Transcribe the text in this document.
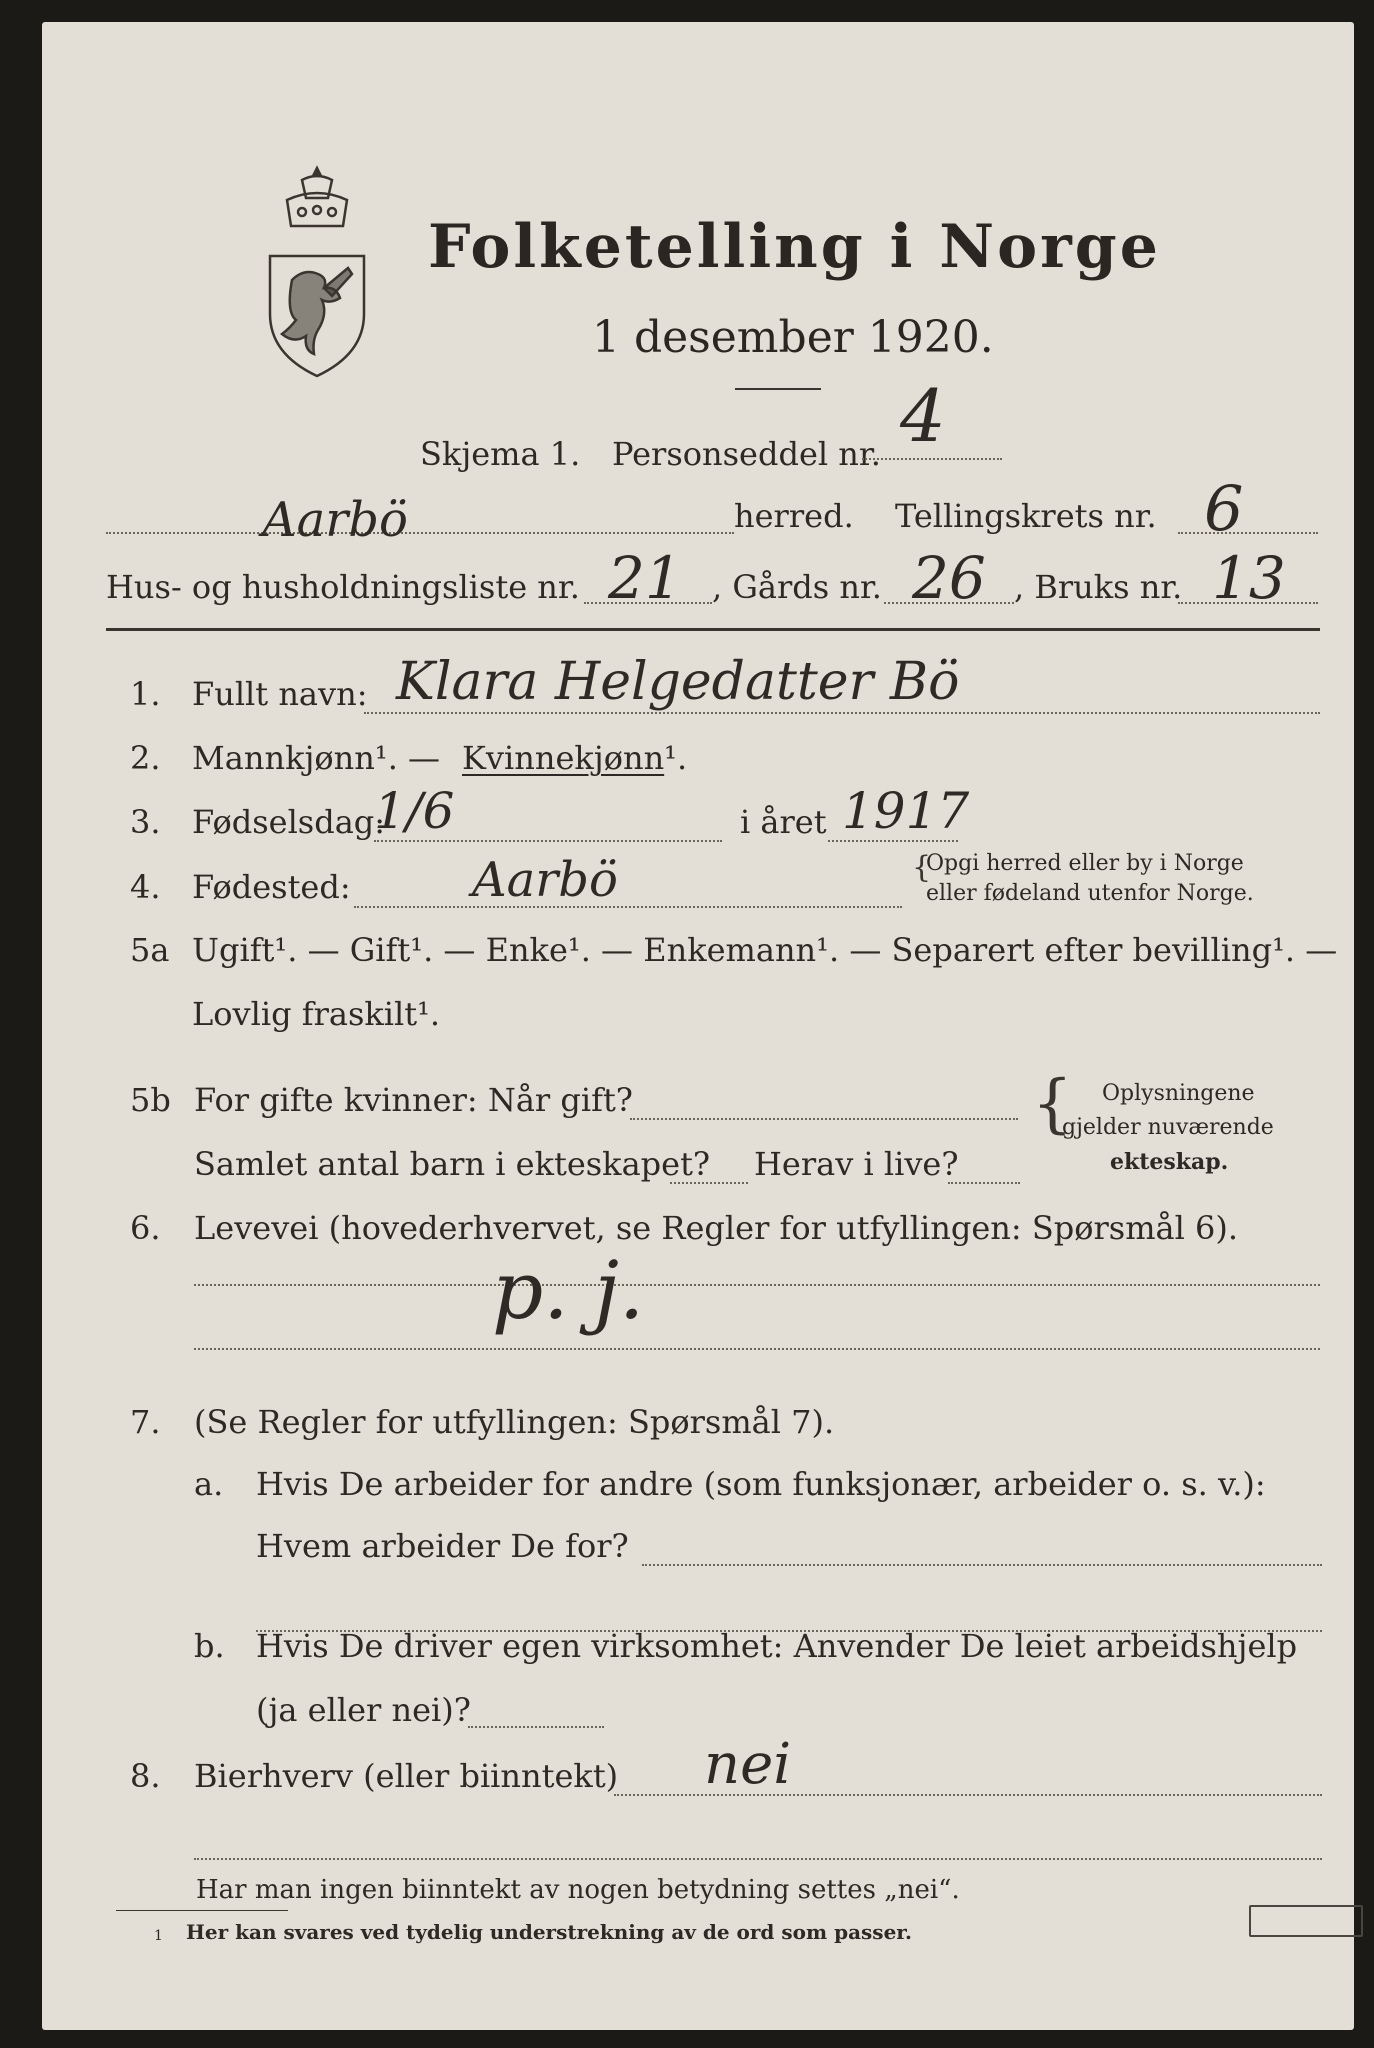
Folketelling i Norge
1 desember 1920.
Skjema 1. Personseddel nr. 4
Aarbö	herred. Tellingskrets nr. 6
Hus- og husholdningsliste nr. 21 , Gårds nr. 26 , Bruks nr. 13
1. Fullt navn: Klara Helgedatter Bö
2. Mannkjønn¹. — Kvinnekjønn¹.
3. Fødselsdag:
1/6	i året 1917
4. Fødested:	Aarbö	{
Opgi herred eller by i Norge
eller fødeland utenfor Norge.
5a Ugift¹. — Gift¹. — Enke¹. — Enkemann¹. — Separert efter bevilling¹. —
Lovlig fraskilt¹.
5b For gifte kvinner: Når gift?
Samlet antal barn i ekteskapet? Herav i live?
{ Oplysningene
gjelder nuværende
ekteskap.
6. Levevei (hovederhvervet, se Regler for utfyllingen: Spørsmål 6).
p. j.
7. (Se Regler for utfyllingen: Spørsmål 7).
a. Hvis De arbeider for andre (som funksjonær, arbeider o. s. v.):
Hvem arbeider De for?
b. Hvis De driver egen virksomhet: Anvender De leiet arbeidshjelp
(ja eller nei)?
8. Bierhverv (eller biinntekt) nei
Har man ingen biinntekt av nogen betydning settes „nei“.
1 Her kan svares ved tydelig understrekning av de ord som passer.
